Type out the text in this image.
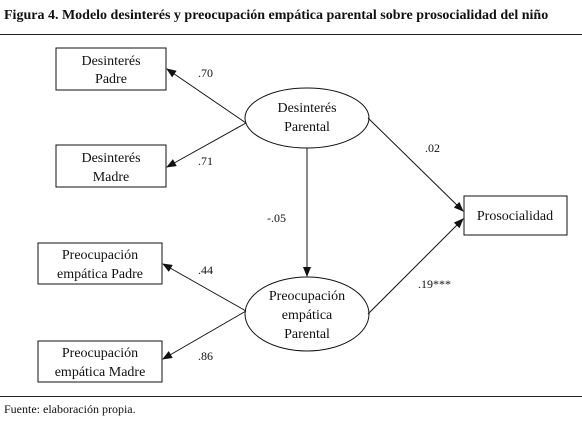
Figura 4. Modelo desinterés y preocupación empática parental sobre prosocialidad del niño
Desinterés
Padre
Desinterés
Madre
Preocupación
empática Padre
Preocupación
empática Madre
Prosocialidad
Desinterés
Parental
Preocupación
empática
Parental
.70
.71
-.05
.44
.86
.02
.19***
Fuente: elaboración propia.
